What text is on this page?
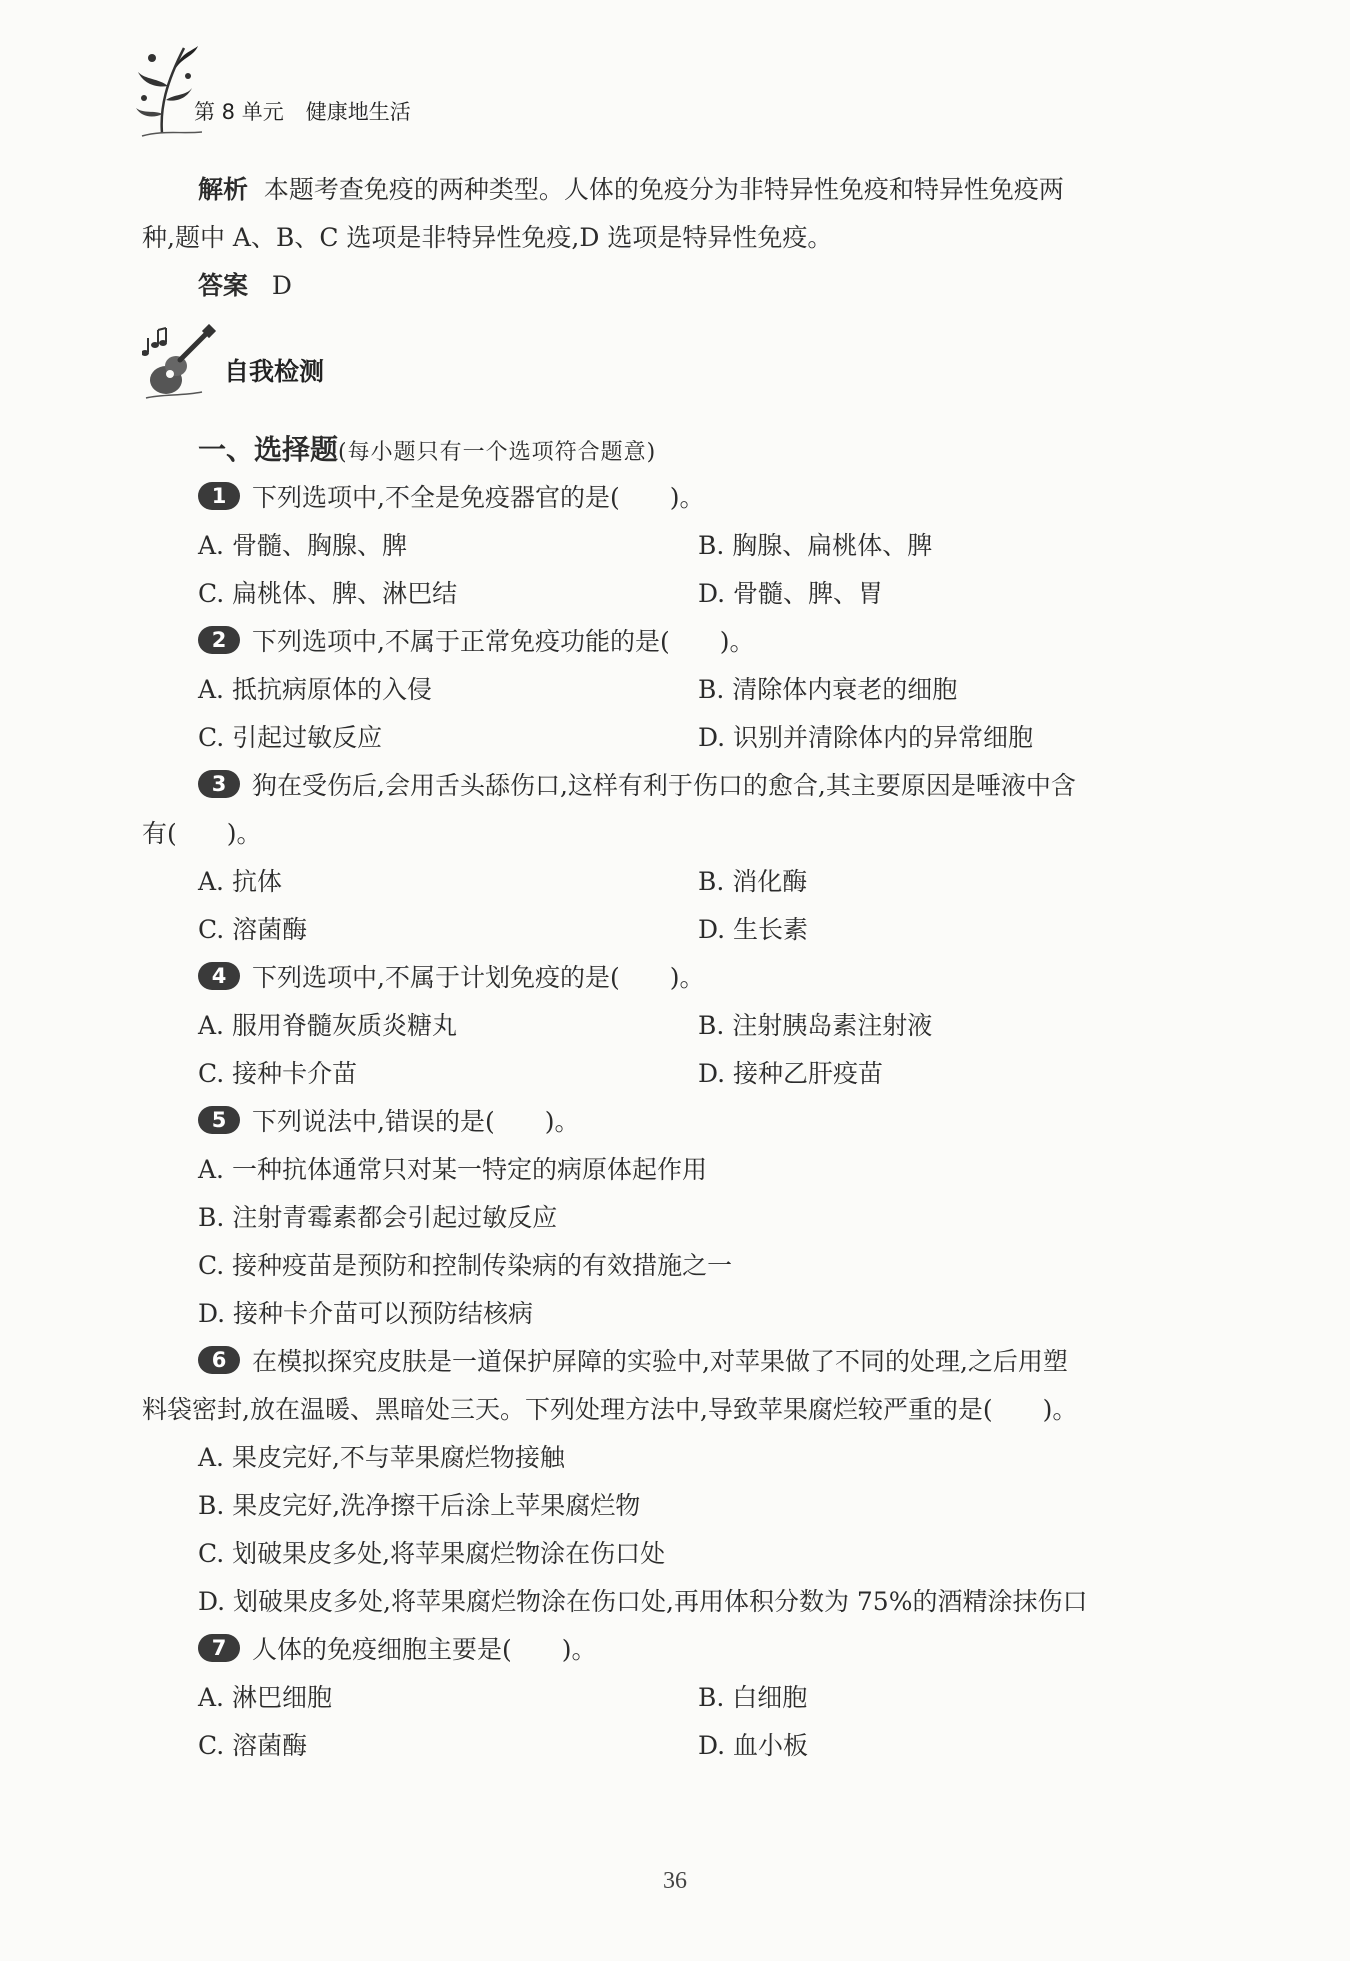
第 8 单元 健康地生活
解析 本题考查免疫的两种类型。人体的免疫分为非特异性免疫和特异性免疫两
种,题中 A、B、C 选项是非特异性免疫,D 选项是特异性免疫。
答案 D
自我检测
一、选择题(每小题只有一个选项符合题意)
1 下列选项中,不全是免疫器官的是(　　)。
A. 骨髓、胸腺、脾	B. 胸腺、扁桃体、脾
C. 扁桃体、脾、淋巴结	D. 骨髓、脾、胃
2 下列选项中,不属于正常免疫功能的是(　　)。
A. 抵抗病原体的入侵	B. 清除体内衰老的细胞
C. 引起过敏反应	D. 识别并清除体内的异常细胞
3 狗在受伤后,会用舌头舔伤口,这样有利于伤口的愈合,其主要原因是唾液中含
有(　　)。
A. 抗体	B. 消化酶
C. 溶菌酶	D. 生长素
4 下列选项中,不属于计划免疫的是(　　)。
A. 服用脊髓灰质炎糖丸	B. 注射胰岛素注射液
C. 接种卡介苗	D. 接种乙肝疫苗
5 下列说法中,错误的是(　　)。
A. 一种抗体通常只对某一特定的病原体起作用
B. 注射青霉素都会引起过敏反应
C. 接种疫苗是预防和控制传染病的有效措施之一
D. 接种卡介苗可以预防结核病
6 在模拟探究皮肤是一道保护屏障的实验中,对苹果做了不同的处理,之后用塑
料袋密封,放在温暖、黑暗处三天。下列处理方法中,导致苹果腐烂较严重的是(　　)。
A. 果皮完好,不与苹果腐烂物接触
B. 果皮完好,洗净擦干后涂上苹果腐烂物
C. 划破果皮多处,将苹果腐烂物涂在伤口处
D. 划破果皮多处,将苹果腐烂物涂在伤口处,再用体积分数为 75%的酒精涂抹伤口
7 人体的免疫细胞主要是(　　)。
A. 淋巴细胞	B. 白细胞
C. 溶菌酶	D. 血小板
36
